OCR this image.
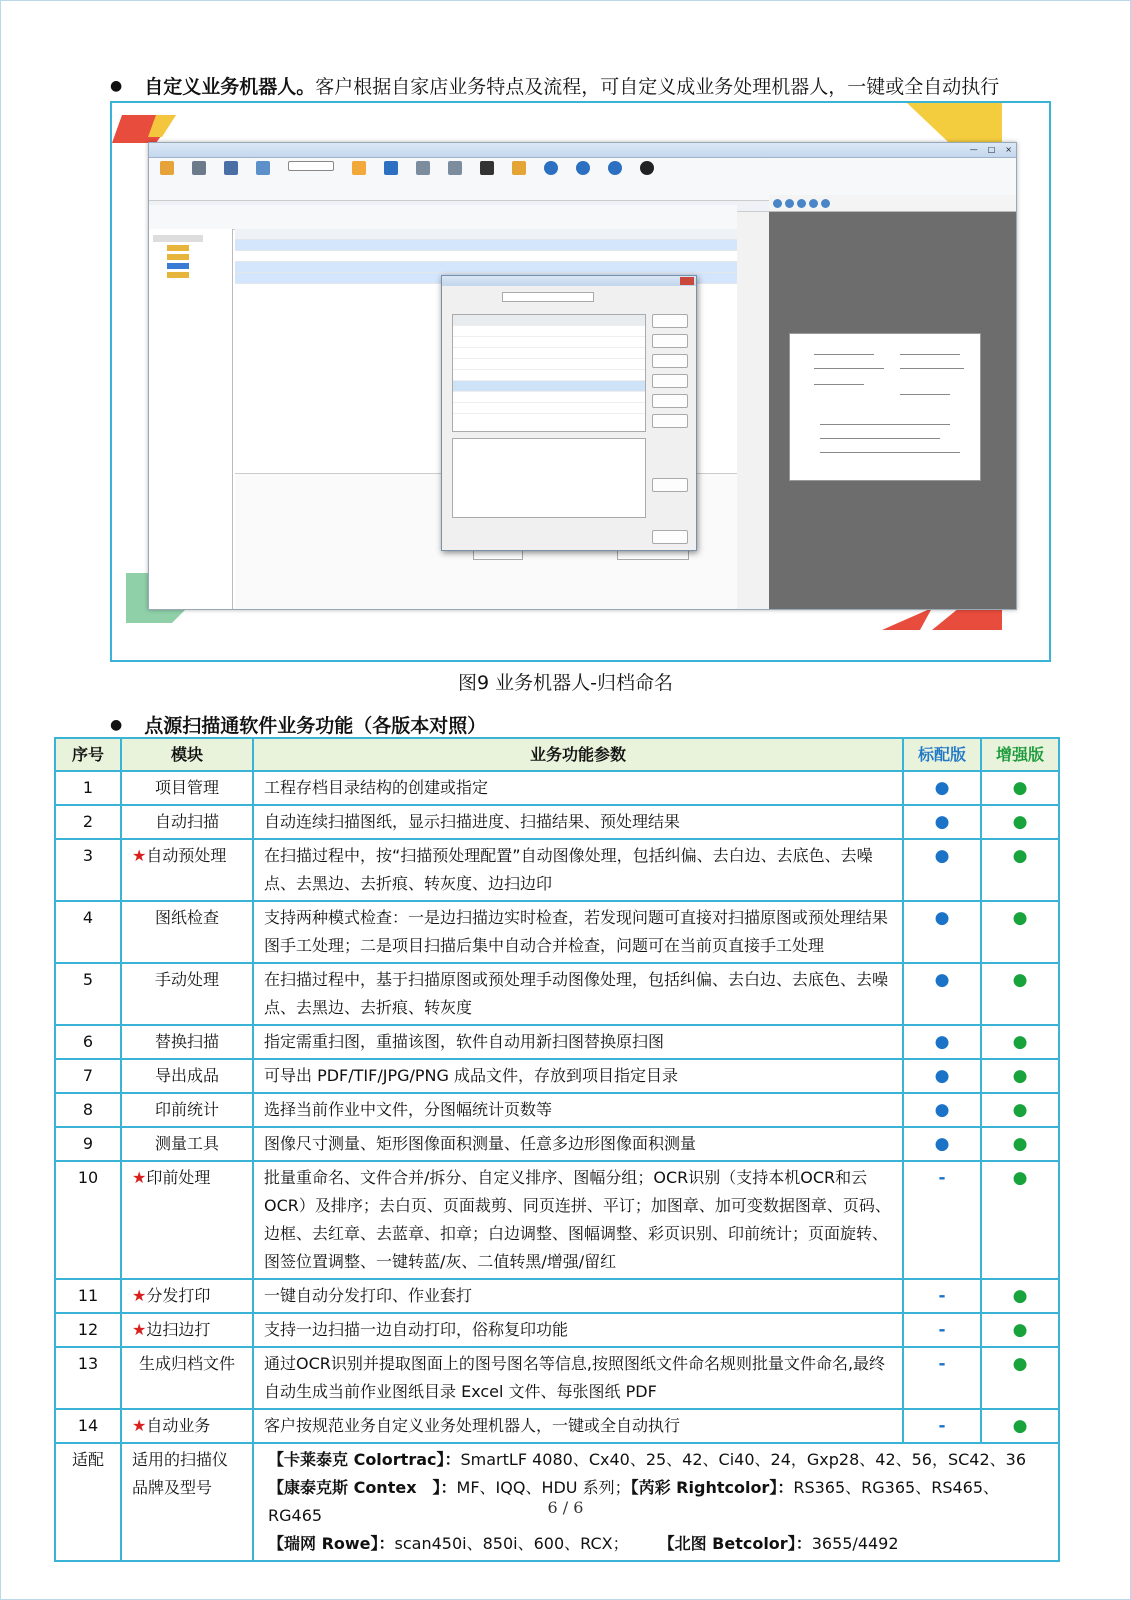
● 自定义业务机器人。 客户根据自家店业务特点及流程，可自定义成业务处理机器人，一键或全自动执行
— □ ×
图9 业务机器人-归档命名
● 点源扫描通软件业务功能（各版本对照）
序号	模块	业务功能参数	标配版	增强版
1	项目管理	工程存档目录结构的创建或指定	●	●
2	自动扫描	自动连续扫描图纸，显示扫描进度、扫描结果、预处理结果	●	●
3	★自动预处理	在扫描过程中，按“扫描预处理配置”自动图像处理，包括纠偏、去白边、去底色、去噪点、去黑边、去折痕、转灰度、边扫边印	●	●
4	图纸检查	支持两种模式检查：一是边扫描边实时检查，若发现问题可直接对扫描原图或预处理结果图手工处理；二是项目扫描后集中自动合并检查，问题可在当前页直接手工处理	●	●
5	手动处理	在扫描过程中，基于扫描原图或预处理手动图像处理，包括纠偏、去白边、去底色、去噪点、去黑边、去折痕、转灰度	●	●
6	替换扫描	指定需重扫图，重描该图，软件自动用新扫图替换原扫图	●	●
7	导出成品	可导出 PDF/TIF/JPG/PNG 成品文件，存放到项目指定目录	●	●
8	印前统计	选择当前作业中文件，分图幅统计页数等	●	●
9	测量工具	图像尺寸测量、矩形图像面积测量、任意多边形图像面积测量	●	●
10	★印前处理	批量重命名、文件合并/拆分、自定义排序、图幅分组；OCR识别（支持本机OCR和云OCR）及排序；去白页、页面裁剪、同页连拼、平订；加图章、加可变数据图章、页码、边框、去红章、去蓝章、扣章；白边调整、图幅调整、彩页识别、印前统计；页面旋转、图签位置调整、一键转蓝/灰、二值转黑/增强/留红	-	●
11	★分发打印	一键自动分发打印、作业套打	-	●
12	★边扫边打	支持一边扫描一边自动打印，俗称复印功能	-	●
13	生成归档文件	通过OCR识别并提取图面上的图号图名等信息,按照图纸文件命名规则批量文件命名,最终自动生成当前作业图纸目录 Excel 文件、每张图纸 PDF	-	●
14	★自动业务	客户按规范业务自定义业务处理机器人，一键或全自动执行	-	●
适配	适用的扫描仪品牌及型号	【卡莱泰克 Colortrac】：SmartLF 4080、Cx40、25、42、Ci40、24，Gxp28、42、56，SC42、36
【康泰克斯 Contex　】：MF、IQQ、HDU 系列；【芮彩 Rightcolor】：RS365、RG365、RS465、RG465
【瑞网 Rowe】：scan450i、850i、600、RCX； 【北图 Betcolor】：3655/4492		
6 / 6
